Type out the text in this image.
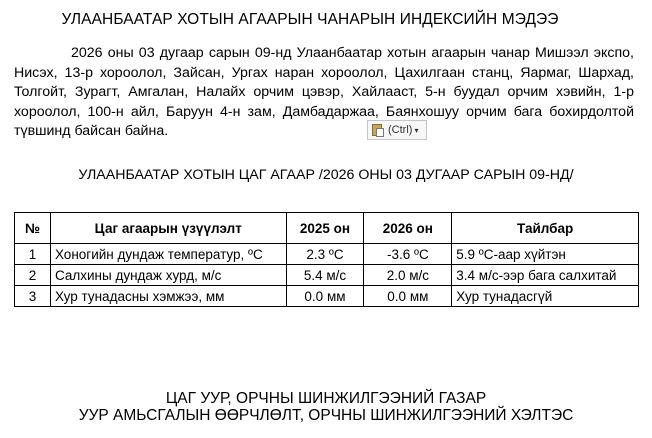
УЛААНБААТАР ХОТЫН АГААРЫН ЧАНАРЫН ИНДЕКСИЙН МЭДЭЭ

2026 оны 03 дугаар сарын 09-нд Улаанбаатар хотын агаарын чанар Мишээл экспо, Нисэх, 13-р хороолол, Зайсан, Ургах наран хороолол, Цахилгаан станц, Яармаг, Шархад, Толгойт, Зурагт, Амгалан, Налайх орчим цэвэр, Хайлааст, 5-н буудал орчим хэвийн, 1-р хороолол, 100-н айл, Баруун 4-н зам, Дамбадаржаа, Баянхошуу орчим бага бохирдолтой түвшинд байсан байна.	(Ctrl) ▾
УЛААНБААТАР ХОТЫН ЦАГ АГААР /2026 ОНЫ 03 ДУГААР САРЫН 09-НД/
№	Цаг агаарын үзүүлэлт	2025 он	2026 он	Тайлбар
1	Хоногийн дундаж температур, ºC	2.3 ºC	-3.6 ºC	5.9 ºC-аар хүйтэн
2	Салхины дундаж хурд, м/с	5.4 м/с	2.0 м/с	3.4 м/с-ээр бага салхитай
3	Хур тунадасны хэмжээ, мм	0.0 мм	0.0 мм	Хур тунадасгүй
ЦАГ УУР, ОРЧНЫ ШИНЖИЛГЭЭНИЙ ГАЗАР
УУР АМЬСГАЛЫН ӨӨРЧЛӨЛТ, ОРЧНЫ ШИНЖИЛГЭЭНИЙ ХЭЛТЭС
